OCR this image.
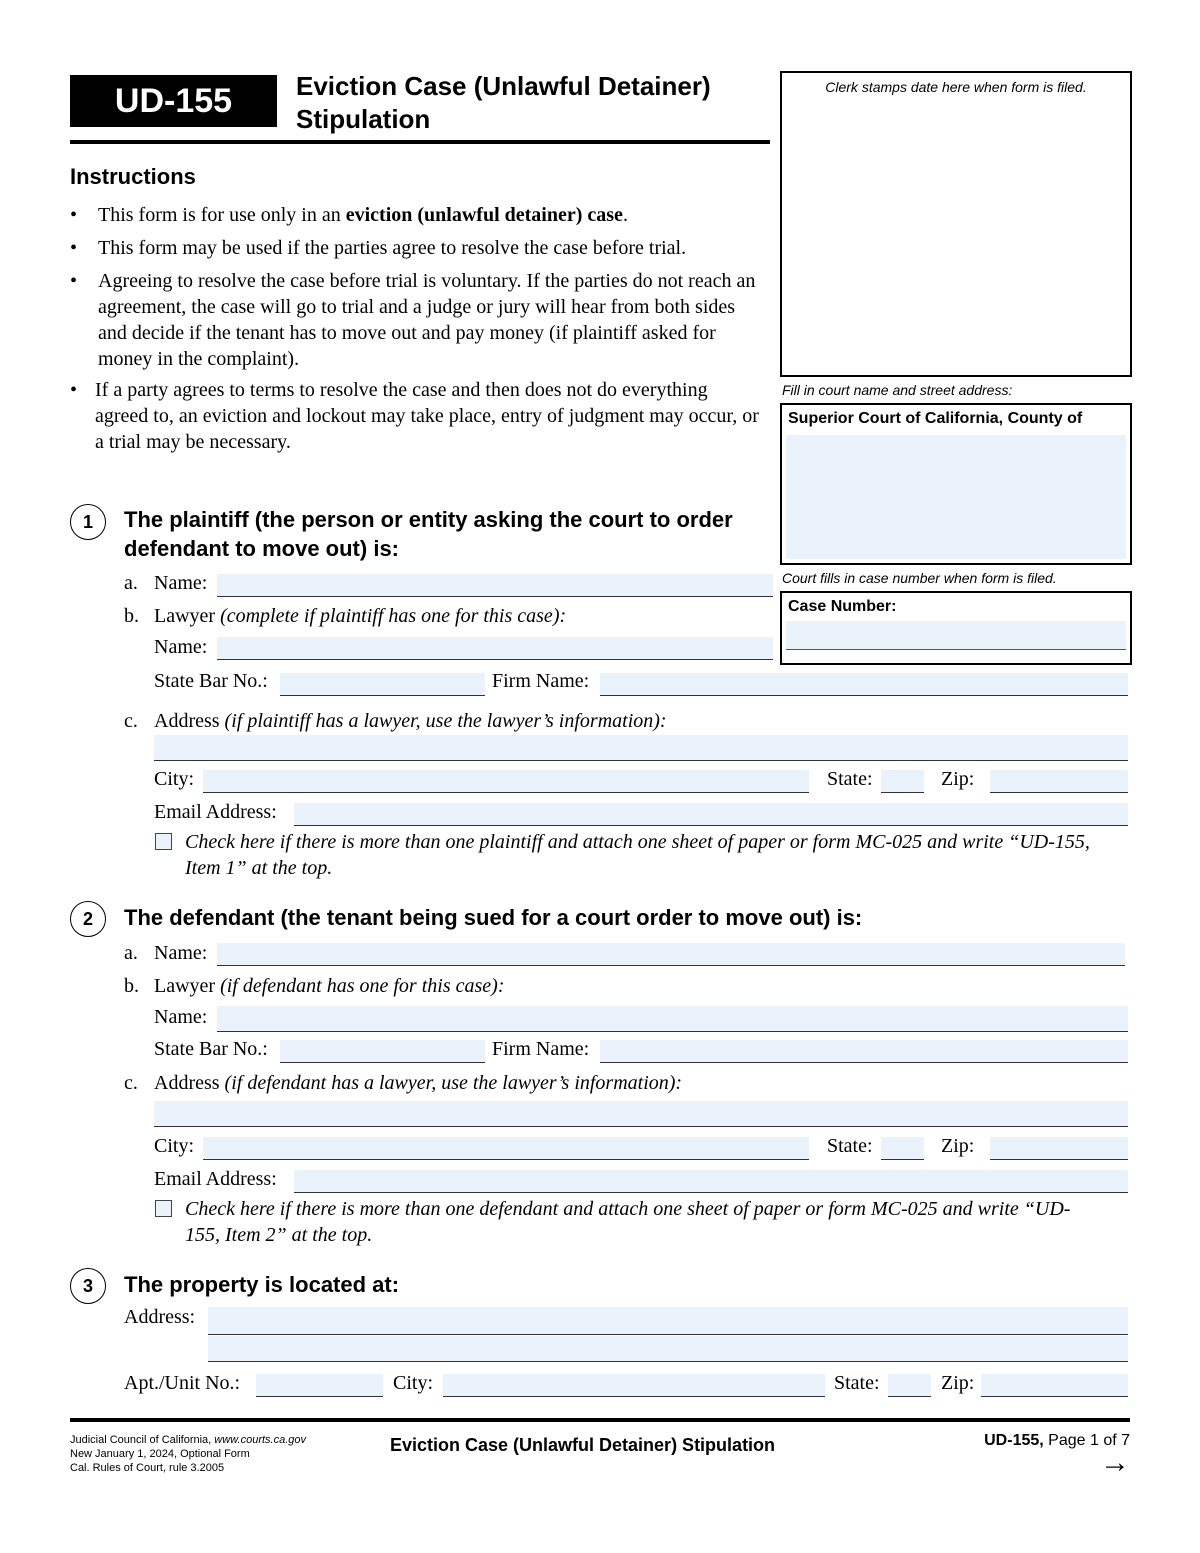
UD-155	Eviction Case (Unlawful Detainer)
Stipulation
Clerk stamps date here when form is filed.
Fill in court name and street address:
Superior Court of California, County of
Court fills in case number when form is filed.
Case Number:
Instructions
• This form is for use only in an eviction (unlawful detainer) case.
• This form may be used if the parties agree to resolve the case before trial.
• Agreeing to resolve the case before trial is voluntary. If the parties do not reach an agreement, the case will go to trial and a judge or jury will hear from both sides and decide if the tenant has to move out and pay money (if plaintiff asked for money in the complaint).
• If a party agrees to terms to resolve the case and then does not do everything agreed to, an eviction and lockout may take place, entry of judgment may occur, or a trial may be necessary.
1	The plaintiff (the person or entity asking the court to order defendant to move out) is:
a. Name:
b. Lawyer (complete if plaintiff has one for this case):
Name:
State Bar No.:	Firm Name:
c. Address (if plaintiff has a lawyer, use the lawyer’s information):
City:	State:	Zip:
Email Address:
Check here if there is more than one plaintiff and attach one sheet of paper or form MC-025 and write “UD-155, Item 1” at the top.
2	The defendant (the tenant being sued for a court order to move out) is:
a. Name:
b. Lawyer (if defendant has one for this case):
Name:
State Bar No.:	Firm Name:
c. Address (if defendant has a lawyer, use the lawyer’s information):
City:	State:	Zip:
Email Address:
Check here if there is more than one defendant and attach one sheet of paper or form MC-025 and write “UD-155, Item 2” at the top.
3	The property is located at:
Address:
Apt./Unit No.:	City:	State:	Zip:
Judicial Council of California, www.courts.ca.gov
New January 1, 2024, Optional Form
Cal. Rules of Court, rule 3.2005
Eviction Case (Unlawful Detainer) Stipulation	UD-155, Page 1 of 7
→
